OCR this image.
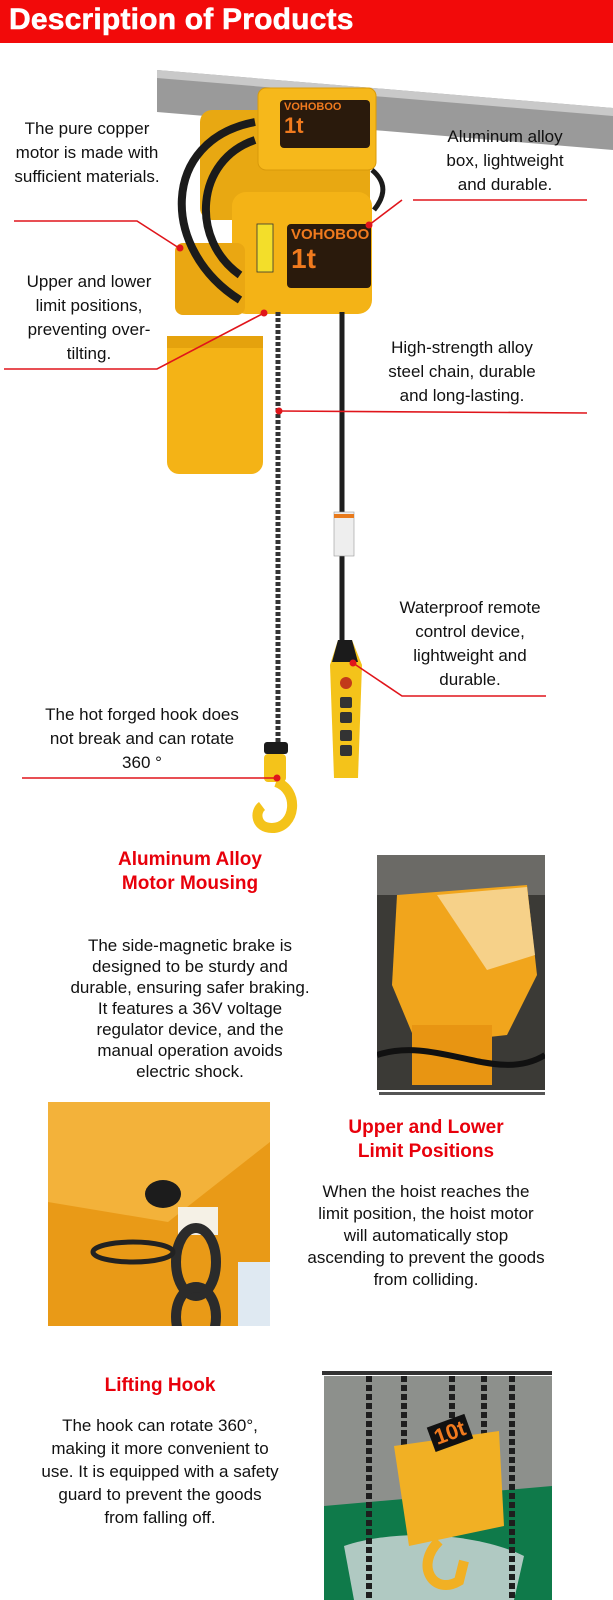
Description of Products
VOHOBOO
1t
VOHOBOO
1t
The pure copper motor is made with sufficient materials.
Aluminum alloy box, lightweight and durable.
Upper and lower limit positions, preventing over-tilting.	High-strength alloy steel chain, durable and long-lasting.
Waterproof remote control device, lightweight and durable.
The hot forged hook does not break and can rotate 360 °
Aluminum Alloy
Motor Mousing
The side-magnetic brake is designed to be sturdy and durable, ensuring safer braking. It features a 36V voltage regulator device, and the manual operation avoids electric shock.
Upper and Lower
Limit Positions
When the hoist reaches the limit position, the hoist motor will automatically stop ascending to prevent the goods from colliding.
Lifting Hook
The hook can rotate 360°, making it more convenient to use. It is equipped with a safety guard to prevent the goods from falling off.
10t
